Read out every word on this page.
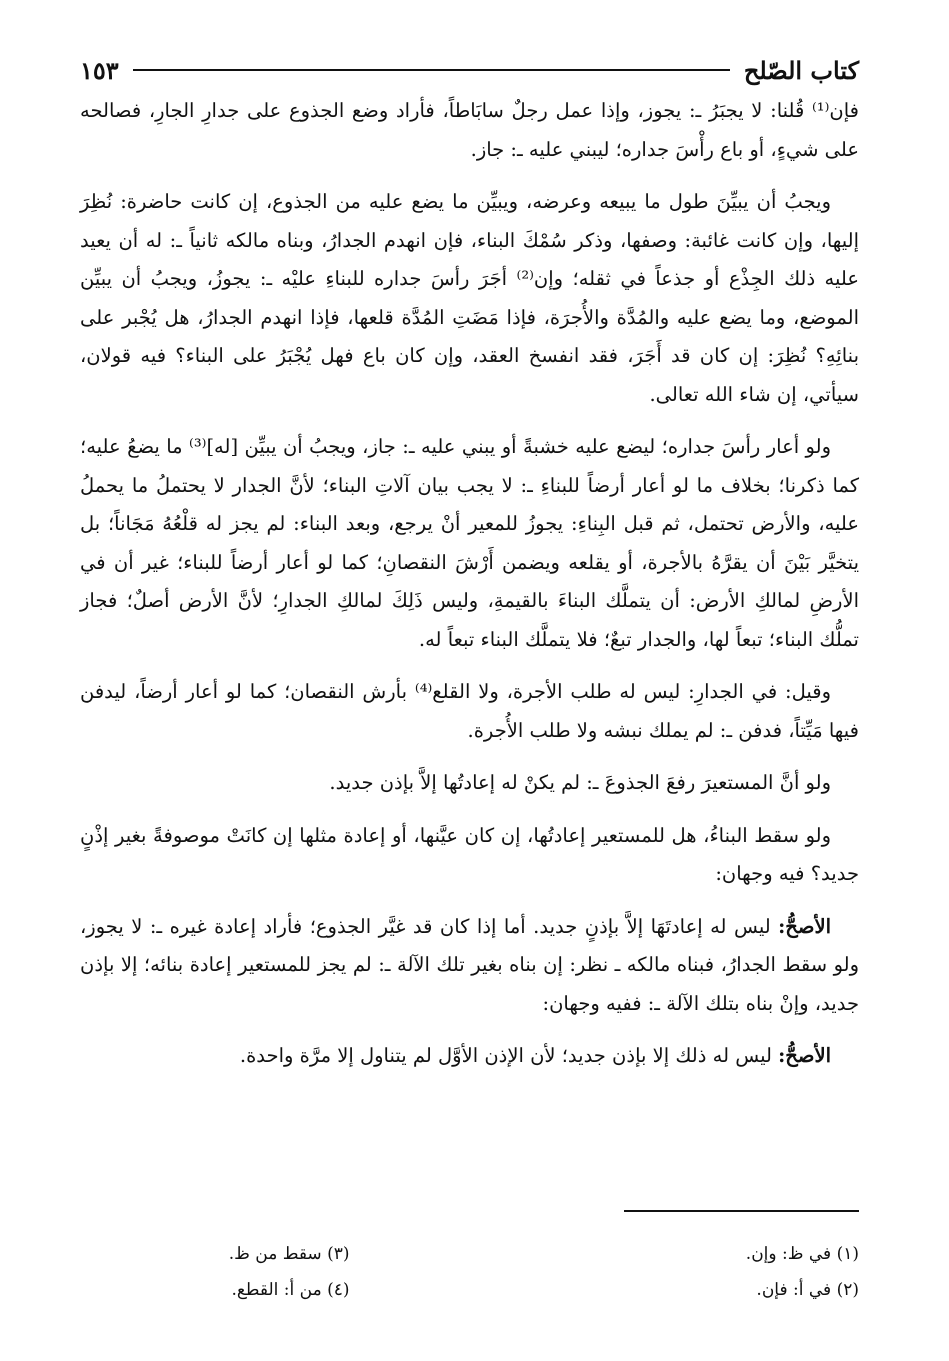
كتاب الصّلح
١٥٣

فإن⁽¹⁾ قُلنا: لا يجبَرُ ـ: يجوز، وإذا عمل رجلٌ سابَاطاً، فأراد وضع الجذوع على جدارِ الجارِ، فصالحه على شيءٍ، أو باع رأْسَ جداره؛ ليبني عليه ـ: جاز.

ويجبُ أن يبيِّنَ طول ما يبيعه وعرضه، ويبيِّن ما يضع عليه من الجذوع، إن كانت حاضرة: نُظِرَ إليها، وإن كانت غائبة: وصفها، وذكر سُمْكَ البناء، فإن انهدم الجدارُ، وبناه مالكه ثانياً ـ: له أن يعيد عليه ذلك الجِذْع أو جذعاً في ثقله؛ وإن⁽²⁾ أجَرَ رأسَ جداره للبناءِ عليْه ـ: يجوزُ، ويجبُ أن يبيِّن الموضع، وما يضع عليه والمُدَّة والأُجرَة، فإذا مَضَتِ المُدَّة قلعها، فإذا انهدم الجدارُ، هل يُجْبر على بنائِهِ؟ نُظِرَ: إن كان قد أَجَرَ، فقد انفسخ العقد، وإن كان باع فهل يُجْبَرُ على البناء؟ فيه قولان، سيأتي، إن شاء الله تعالى.

ولو أعار رأسَ جداره؛ ليضع عليه خشبةً أو يبني عليه ـ: جاز، ويجبُ أن يبيِّن [له]⁽³⁾ ما يضعُ عليه؛ كما ذكرنا؛ بخلاف ما لو أعار أرضاً للبناءِ ـ: لا يجب بيان آلاتِ البناء؛ لأنَّ الجدار لا يحتملُ ما يحملُ عليه، والأرض تحتمل، ثم قبل البِناءِ: يجوزُ للمعير أنْ يرجع، وبعد البناء: لم يجز له قلْعُهُ مَجَاناً؛ بل يتخيَّر بَيْنَ أن يقرَّهُ بالأجرة، أو يقلعه ويضمن أَرْشَ النقصانِ؛ كما لو أعار أرضاً للبناء؛ غير أن في الأرضِ لمالكِ الأرض: أن يتملَّك البناءَ بالقيمةِ، وليس ذَلِكَ لمالكِ الجدارِ؛ لأنَّ الأرض أصلٌ؛ فجاز تملُّك البناء؛ تبعاً لها، والجدار تبعٌ؛ فلا يتملَّك البناء تبعاً له.

وقيل: في الجدارِ: ليس له طلب الأجرة، ولا القلع⁽⁴⁾ بأرش النقصان؛ كما لو أعار أرضاً، ليدفن فيها مَيِّتاً، فدفن ـ: لم يملك نبشه ولا طلب الأُجرة.

ولو أنَّ المستعيرَ رفعَ الجذوعَ ـ: لم يكنْ له إعادتُها إلاَّ بإذن جديد.

ولو سقط البناءُ، هل للمستعير إعادتُها، إن كان عيَّنها، أو إعادة مثلها إن كانَتْ موصوفةً بغير إذْنٍ جديد؟ فيه وجهان:

الأصحُّ: ليس له إعادتَهَا إلاَّ بإذنٍ جديد. أما إذا كان قد غيَّر الجذوع؛ فأراد إعادة غيره ـ: لا يجوز، ولو سقط الجدارُ، فبناه مالكه ـ نظر: إن بناه بغير تلك الآلة ـ: لم يجز للمستعير إعادة بنائه؛ إلا بإذن جديد، وإنْ بناه بتلك الآلة ـ: ففيه وجهان:

الأصحُّ: ليس له ذلك إلا بإذن جديد؛ لأن الإذن الأوَّل لم يتناول إلا مرَّة واحدة.

(١) في ظ: وإن.

(٢) في أ: فإن.

(٣) سقط من ظ.

(٤) من أ: القطع.
